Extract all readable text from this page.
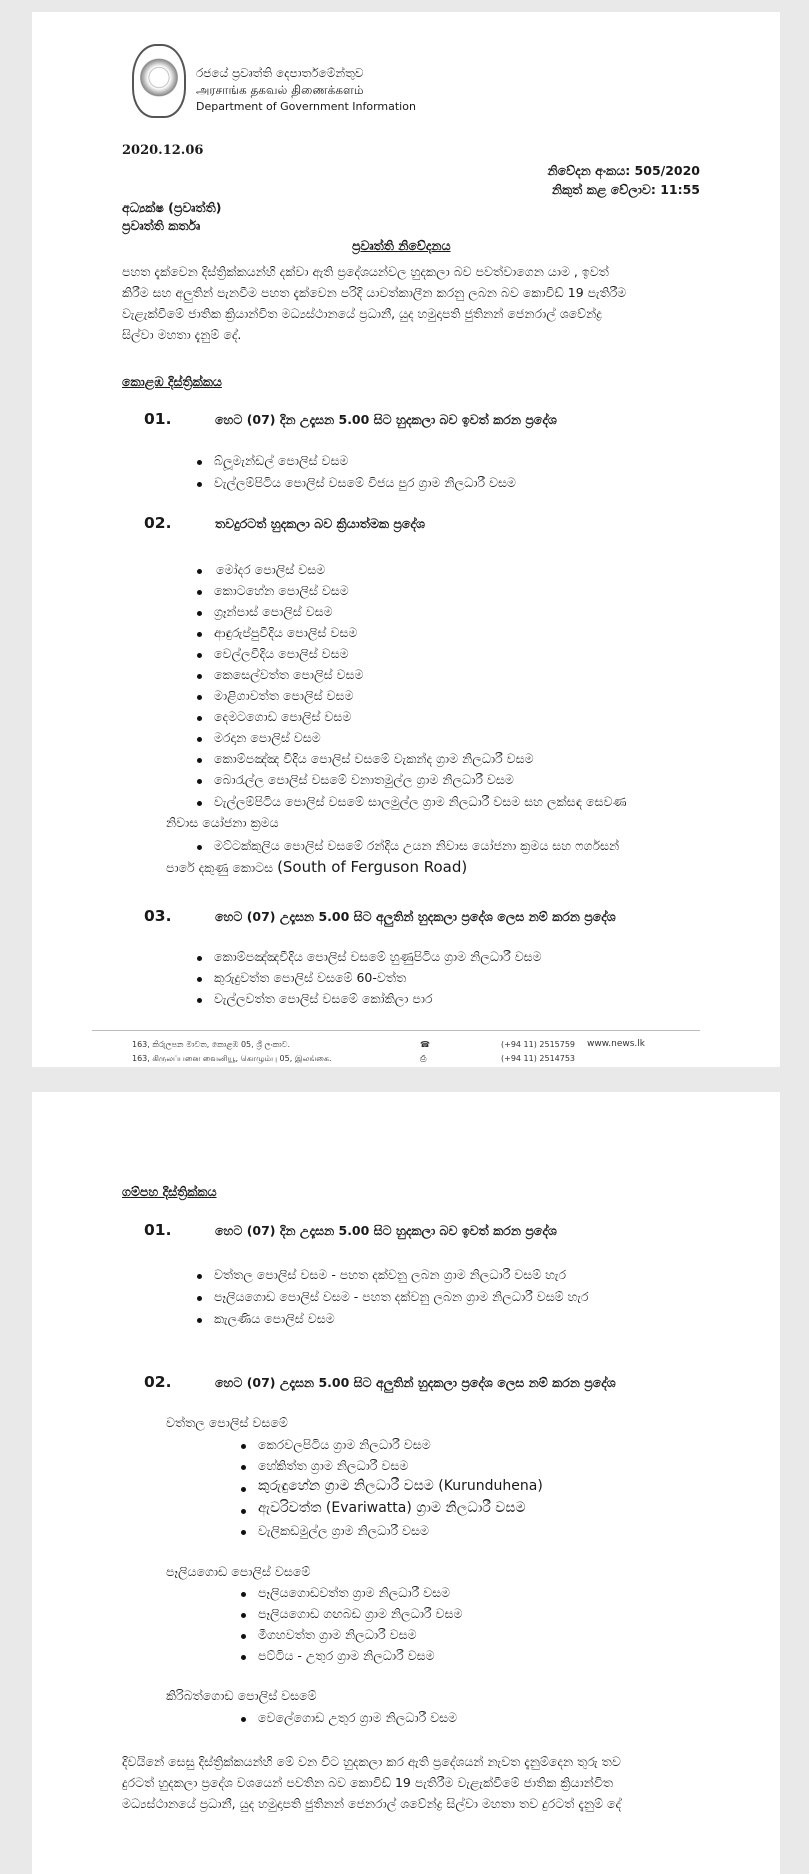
රජයේ ප්‍රවෘත්ති දෙපාර්තමේන්තුව
அரசாங்க தகவல் திணைக்களம்
Department of Government Information
2020.12.06
නිවේදන අංකය: 505/2020
නිකුත් කළ වේලාව: 11:55
අධ්‍යක්ෂ (ප්‍රවෘත්ති)
ප්‍රවෘත්ති කර්තෘ
ප්‍රවෘත්ති නිවේදනය
පහත දැක්වෙන දිස්ත්‍රික්කයන්හි දක්වා ඇති ප්‍රදේශයන්වල හුදකලා බව පවත්වාගෙන යාම , ඉවත්
කිරීම සහ අලුතින් පැනවීම පහත දැක්වෙන පරිදි යාවත්කාලීන කරනු ලබන බව කොවිඩ් 19 පැතිරීම
වැළැක්වීමේ ජාතික ක්‍රියාන්විත මධ්‍යස්ථානයේ ප්‍රධානී, යුද හමුදාපති ජුතිනන් ජෙනරාල් ශවේන්ද්‍ර
සිල්වා මහතා දැනුම් දේ.
කොළඹ දිස්ත්‍රික්කය
01.	හෙට (07) දින උදෑසන 5.00 සිට හුදකලා බව ඉවත් කරන ප්‍රදේශ
බ්ලූමැන්ඩල් පොලිස් වසම
වැල්ලම්පිටිය පොලිස් වසමේ විජය පුර ග්‍රාම නිලධාරී වසම
02.	තවදුරටත් හුදකලා බව ක්‍රියාත්මක ප්‍රදේශ
මෝදර පොලිස් වසම
කොටහේන පොලිස් වසම
ග්‍රෑන්පාස් පොලිස් වසම
ආඳුරුප්පුවීදිය පොලිස් වසම
වෙල්ලවීදිය පොලිස් වසම
කෙසෙල්වත්ත පොලිස් වසම
මාළිගාවත්ත පොලිස් වසම
දෙමටගොඩ පොලිස් වසම
මරදාන පොලිස් වසම
කොම්පඤ්ඤ වීදිය පොලිස් වසමේ වැකන්ද ග්‍රාම නිලධාරී වසම
බොරැල්ල පොලිස් වසමේ වනාතමුල්ල ග්‍රාම නිලධාරී වසම
වැල්ලම්පිටිය පොලිස් වසමේ සාලමුල්ල ග්‍රාම නිලධාරී වසම සහ ලක්සඳ සෙවණ
නිවාස යෝජනා ක්‍රමය
මට්ටක්කුලිය පොලිස් වසමේ රන්දිය උයන නිවාස යෝජනා ක්‍රමය සහ ෆර්ගසන්
පාරේ දකුණු කොටස (South of Ferguson Road)
03.	හෙට (07) උදෑසන 5.00 සිට අලුතින් හුදකලා ප්‍රදේශ ලෙස නම් කරන ප්‍රදේශ
කොම්පඤ්ඤවීදිය පොලිස් වසමේ හුණුපිටිය ග්‍රාම නිලධාරී වසම
කුරුදුවත්ත පොලිස් වසමේ 60-වත්ත
වැල්ලවත්ත පොලිස් වසමේ කෝකිලා පාර
163, කිරුලපන මාවත, කොළඹ 05, ශ්‍රී ලංකාව.
163, கிருலப்பனை வைனியூ, கொழும்பு 05, இலங்கை.
☎	(+94 11) 2515759
⎙	(+94 11) 2514753
www.news.lk
ගම්පහ දිස්ත්‍රික්කය
01.	හෙට (07) දින උදෑසන 5.00 සිට හුදකලා බව ඉවත් කරන ප්‍රදේශ
වත්තල පොලිස් වසම - පහත දක්වනු ලබන ග්‍රාම නිලධාරී වසම් හැර
පෑලියගොඩ පොලිස් වසම - පහත දක්වනු ලබන ග්‍රාම නිලධාරී වසම් හැර
කැලණිය පොලිස් වසම
02.	හෙට (07) උදෑසන 5.00 සිට අලුතින් හුදකලා ප්‍රදේශ ලෙස නම් කරන ප්‍රදේශ
වත්තල පොලිස් වසමේ
කෙරවලපිටිය ග්‍රාම නිලධාරී වසම
හේකිත්ත ග්‍රාම නිලධාරී වසම
කුරුඳුහේන ග්‍රාම නිලධාරී වසම (Kurunduhena)
ඇවරිවත්ත (Evariwatta) ග්‍රාම නිලධාරී වසම
වැලිකඩමුල්ල ග්‍රාම නිලධාරී වසම
පෑලියගොඩ පොලිස් වසමේ
පෑලියගොඩවත්ත ග්‍රාම නිලධාරී වසම
පෑලියගොඩ ගඟබඩ ග්‍රාම නිලධාරී වසම
මීගහවත්ත ග්‍රාම නිලධාරී වසම
පට්ටිය - උතුර ග්‍රාම නිලධාරී වසම
කිරිබත්ගොඩ පොලිස් වසමේ
වෙලේගොඩ උතුර ග්‍රාම නිලධාරී වසම
දිවයිනේ සෙසු දිස්ත්‍රික්කයන්හි මේ වන විට හුදකලා කර ඇති ප්‍රදේශයන් නැවත දැනුම්දෙන තුරු තව
දුරටත් හුදකලා ප්‍රදේශ වශයෙන් පවතින බව කොවිඩ් 19 පැතිරීම වැළැක්වීමේ ජාතික ක්‍රියාන්විත
මධ්‍යස්ථානයේ ප්‍රධානී, යුද හමුදාපති ජුතිනන් ජෙනරාල් ශවේන්ද්‍ර සිල්වා මහතා තව දුරටත් දැනුම් දේ
